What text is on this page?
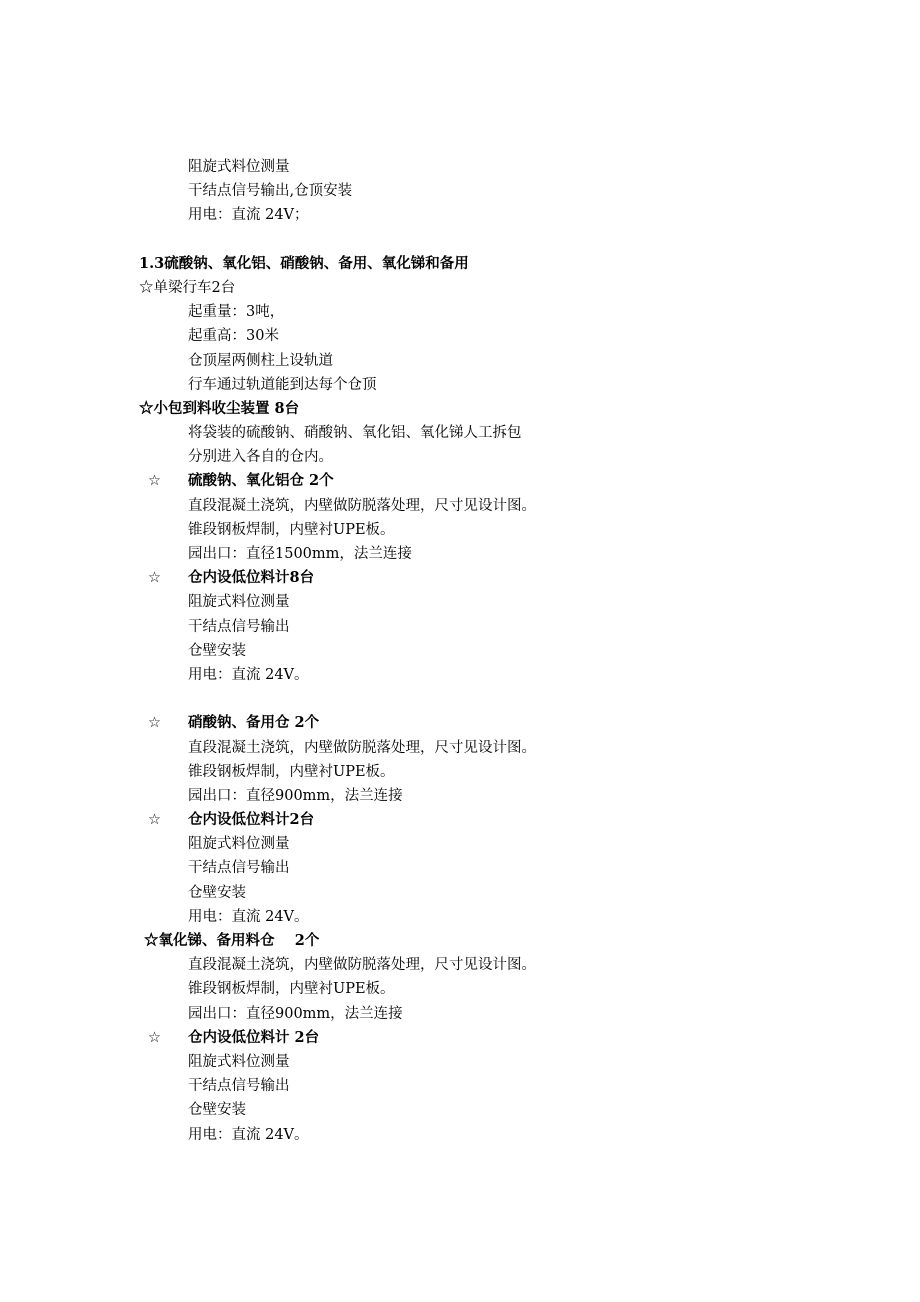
阻旋式料位测量
干结点信号输出,仓顶安装
用电：直流 24V；
1.3硫酸钠、氧化铝、硝酸钠、备用、氧化锑和备用
☆单梁行车2台
起重量：3吨，
起重高：30米
仓顶屋两侧柱上设轨道
行车通过轨道能到达每个仓顶
☆小包到料收尘装置 8台
将袋装的硫酸钠、硝酸钠、氧化铝、氧化锑人工拆包
分别进入各自的仓内。
☆ 硫酸钠、氧化铝仓 2个
直段混凝土浇筑，内壁做防脱落处理，尺寸见设计图。
锥段钢板焊制，内壁衬UPE板。
园出口：直径1500mm，法兰连接
☆ 仓内设低位料计8台
阻旋式料位测量
干结点信号输出
仓壁安装
用电：直流 24V。
☆ 硝酸钠、备用仓 2个
直段混凝土浇筑，内壁做防脱落处理，尺寸见设计图。
锥段钢板焊制，内壁衬UPE板。
园出口：直径900mm，法兰连接
☆ 仓内设低位料计2台
阻旋式料位测量
干结点信号输出
仓壁安装
用电：直流 24V。
☆氧化锑、备用料仓    2个
直段混凝土浇筑，内壁做防脱落处理，尺寸见设计图。
锥段钢板焊制，内壁衬UPE板。
园出口：直径900mm，法兰连接
☆ 仓内设低位料计 2台
阻旋式料位测量
干结点信号输出
仓壁安装
用电：直流 24V。
